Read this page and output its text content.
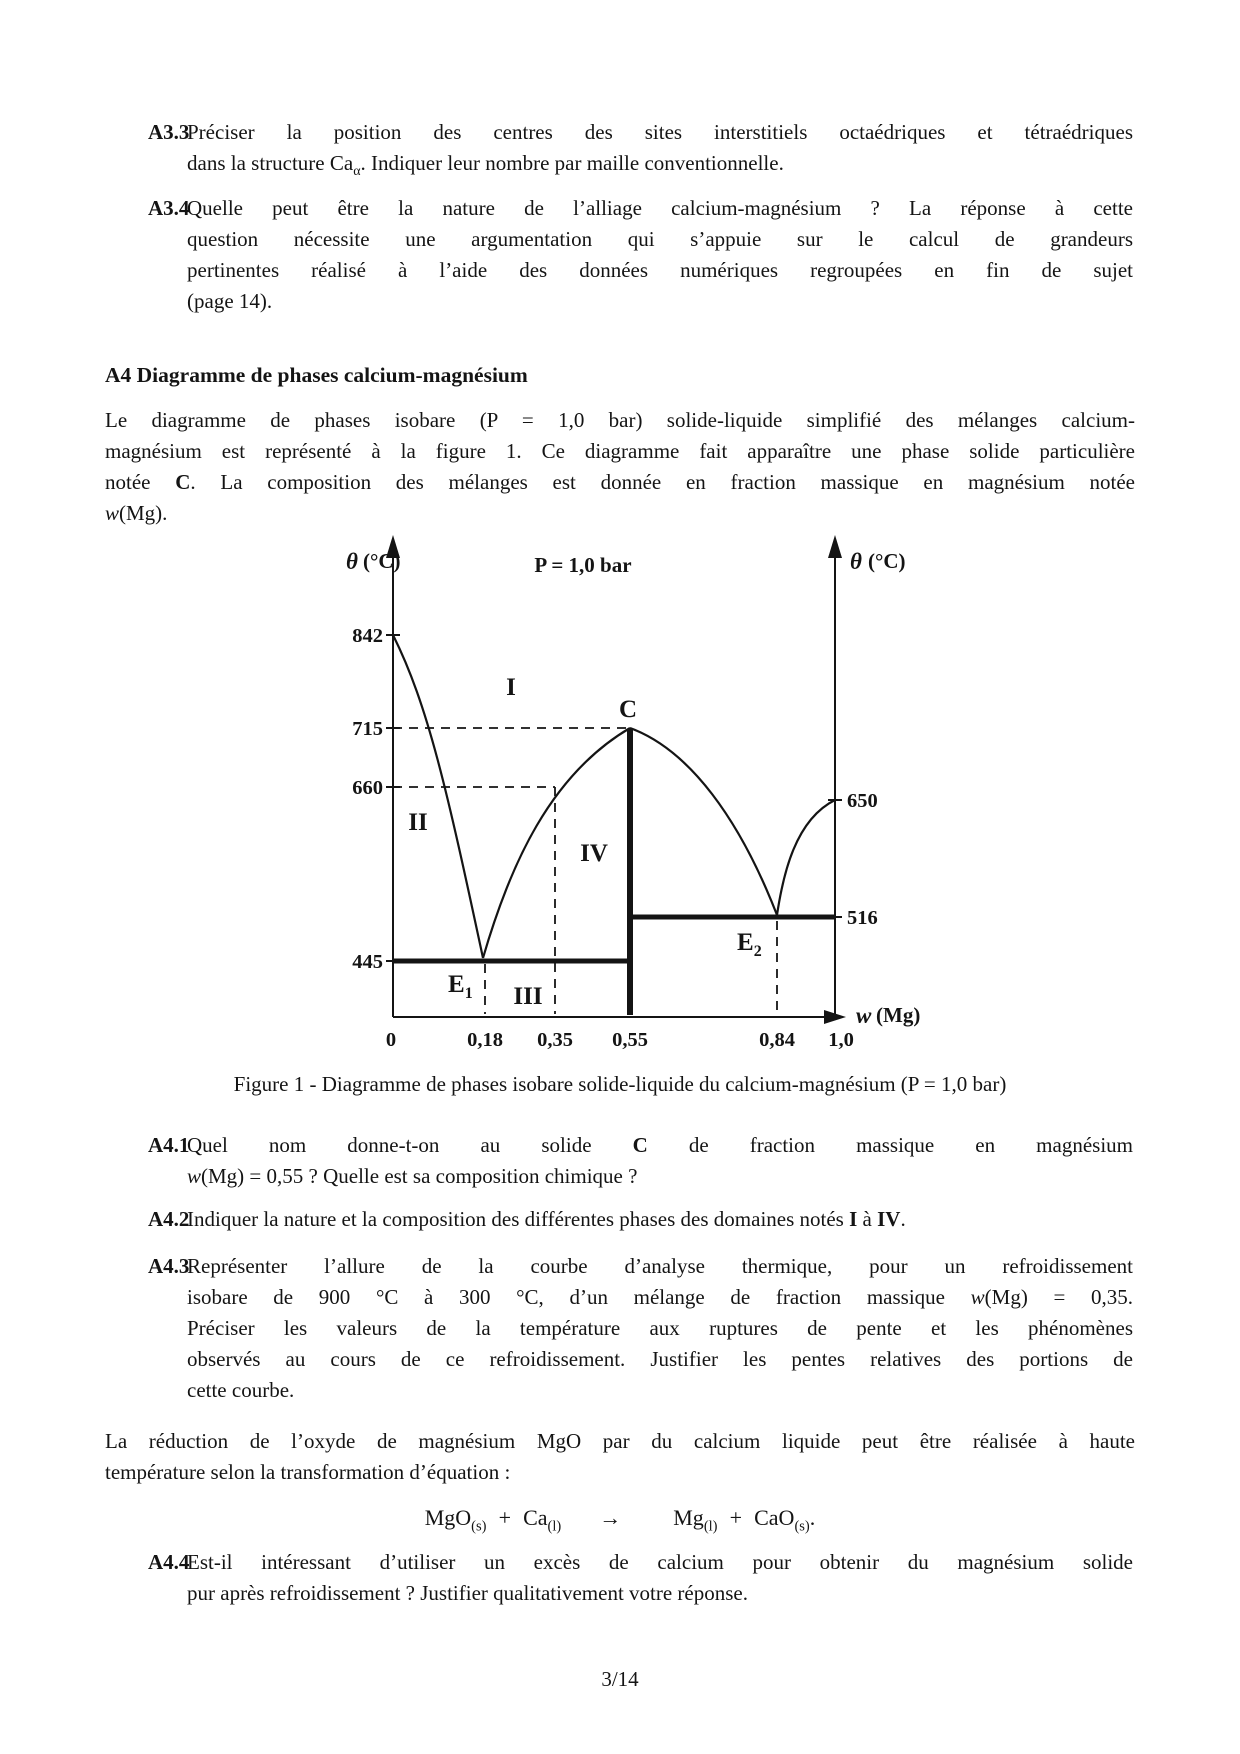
A3.3
Préciser la position des centres des sites interstitiels octaédriques et tétraédriques
dans la structure $Ca_\alpha$. Indiquer leur nombre par maille conventionnelle.
A3.4
Quelle peut être la nature de l’alliage calcium-magnésium ? La réponse à cette
question nécessite une argumentation qui s’appuie sur le calcul de grandeurs
pertinentes réalisé à l’aide des données numériques regroupées en fin de sujet
(page 14).
A4 Diagramme de phases calcium-magnésium
Le diagramme de phases isobare (P = 1,0 bar) solide-liquide simplifié des mélanges calcium-
magnésium est représenté à la figure 1. Ce diagramme fait apparaître une phase solide particulière
notée C. La composition des mélanges est donnée en fraction massique en magnésium notée
w(Mg).
θ (°C)	θ (°C)
P = 1,0 bar
w (Mg)
842
715
660
445
650
516
0	0,18 0,35 0,55	0,84 1,0
I
II
III
IV
C
$E_1$
$E_2$
Figure 1 - Diagramme de phases isobare solide-liquide du calcium-magnésium (P = 1,0 bar)
A4.1
Quel nom donne-t-on au solide C de fraction massique en magnésium
w(Mg) = 0,55 ? Quelle est sa composition chimique ?
A4.2
Indiquer la nature et la composition des différentes phases des domaines notés I à IV.
A4.3
Représenter l’allure de la courbe d’analyse thermique, pour un refroidissement
isobare de 900 °C à 300 °C, d’un mélange de fraction massique w(Mg) = 0,35.
Préciser les valeurs de la température aux ruptures de pente et les phénomènes
observés au cours de ce refroidissement. Justifier les pentes relatives des portions de
cette courbe.
La réduction de l’oxyde de magnésium MgO par du calcium liquide peut être réalisée à haute
température selon la transformation d’équation :
$MgO_{(s)} + Ca_{(l)} \to Mg_{(l)} + CaO_{(s)}$.
A4.4
Est-il intéressant d’utiliser un excès de calcium pour obtenir du magnésium solide
pur après refroidissement ? Justifier qualitativement votre réponse.
3/14
